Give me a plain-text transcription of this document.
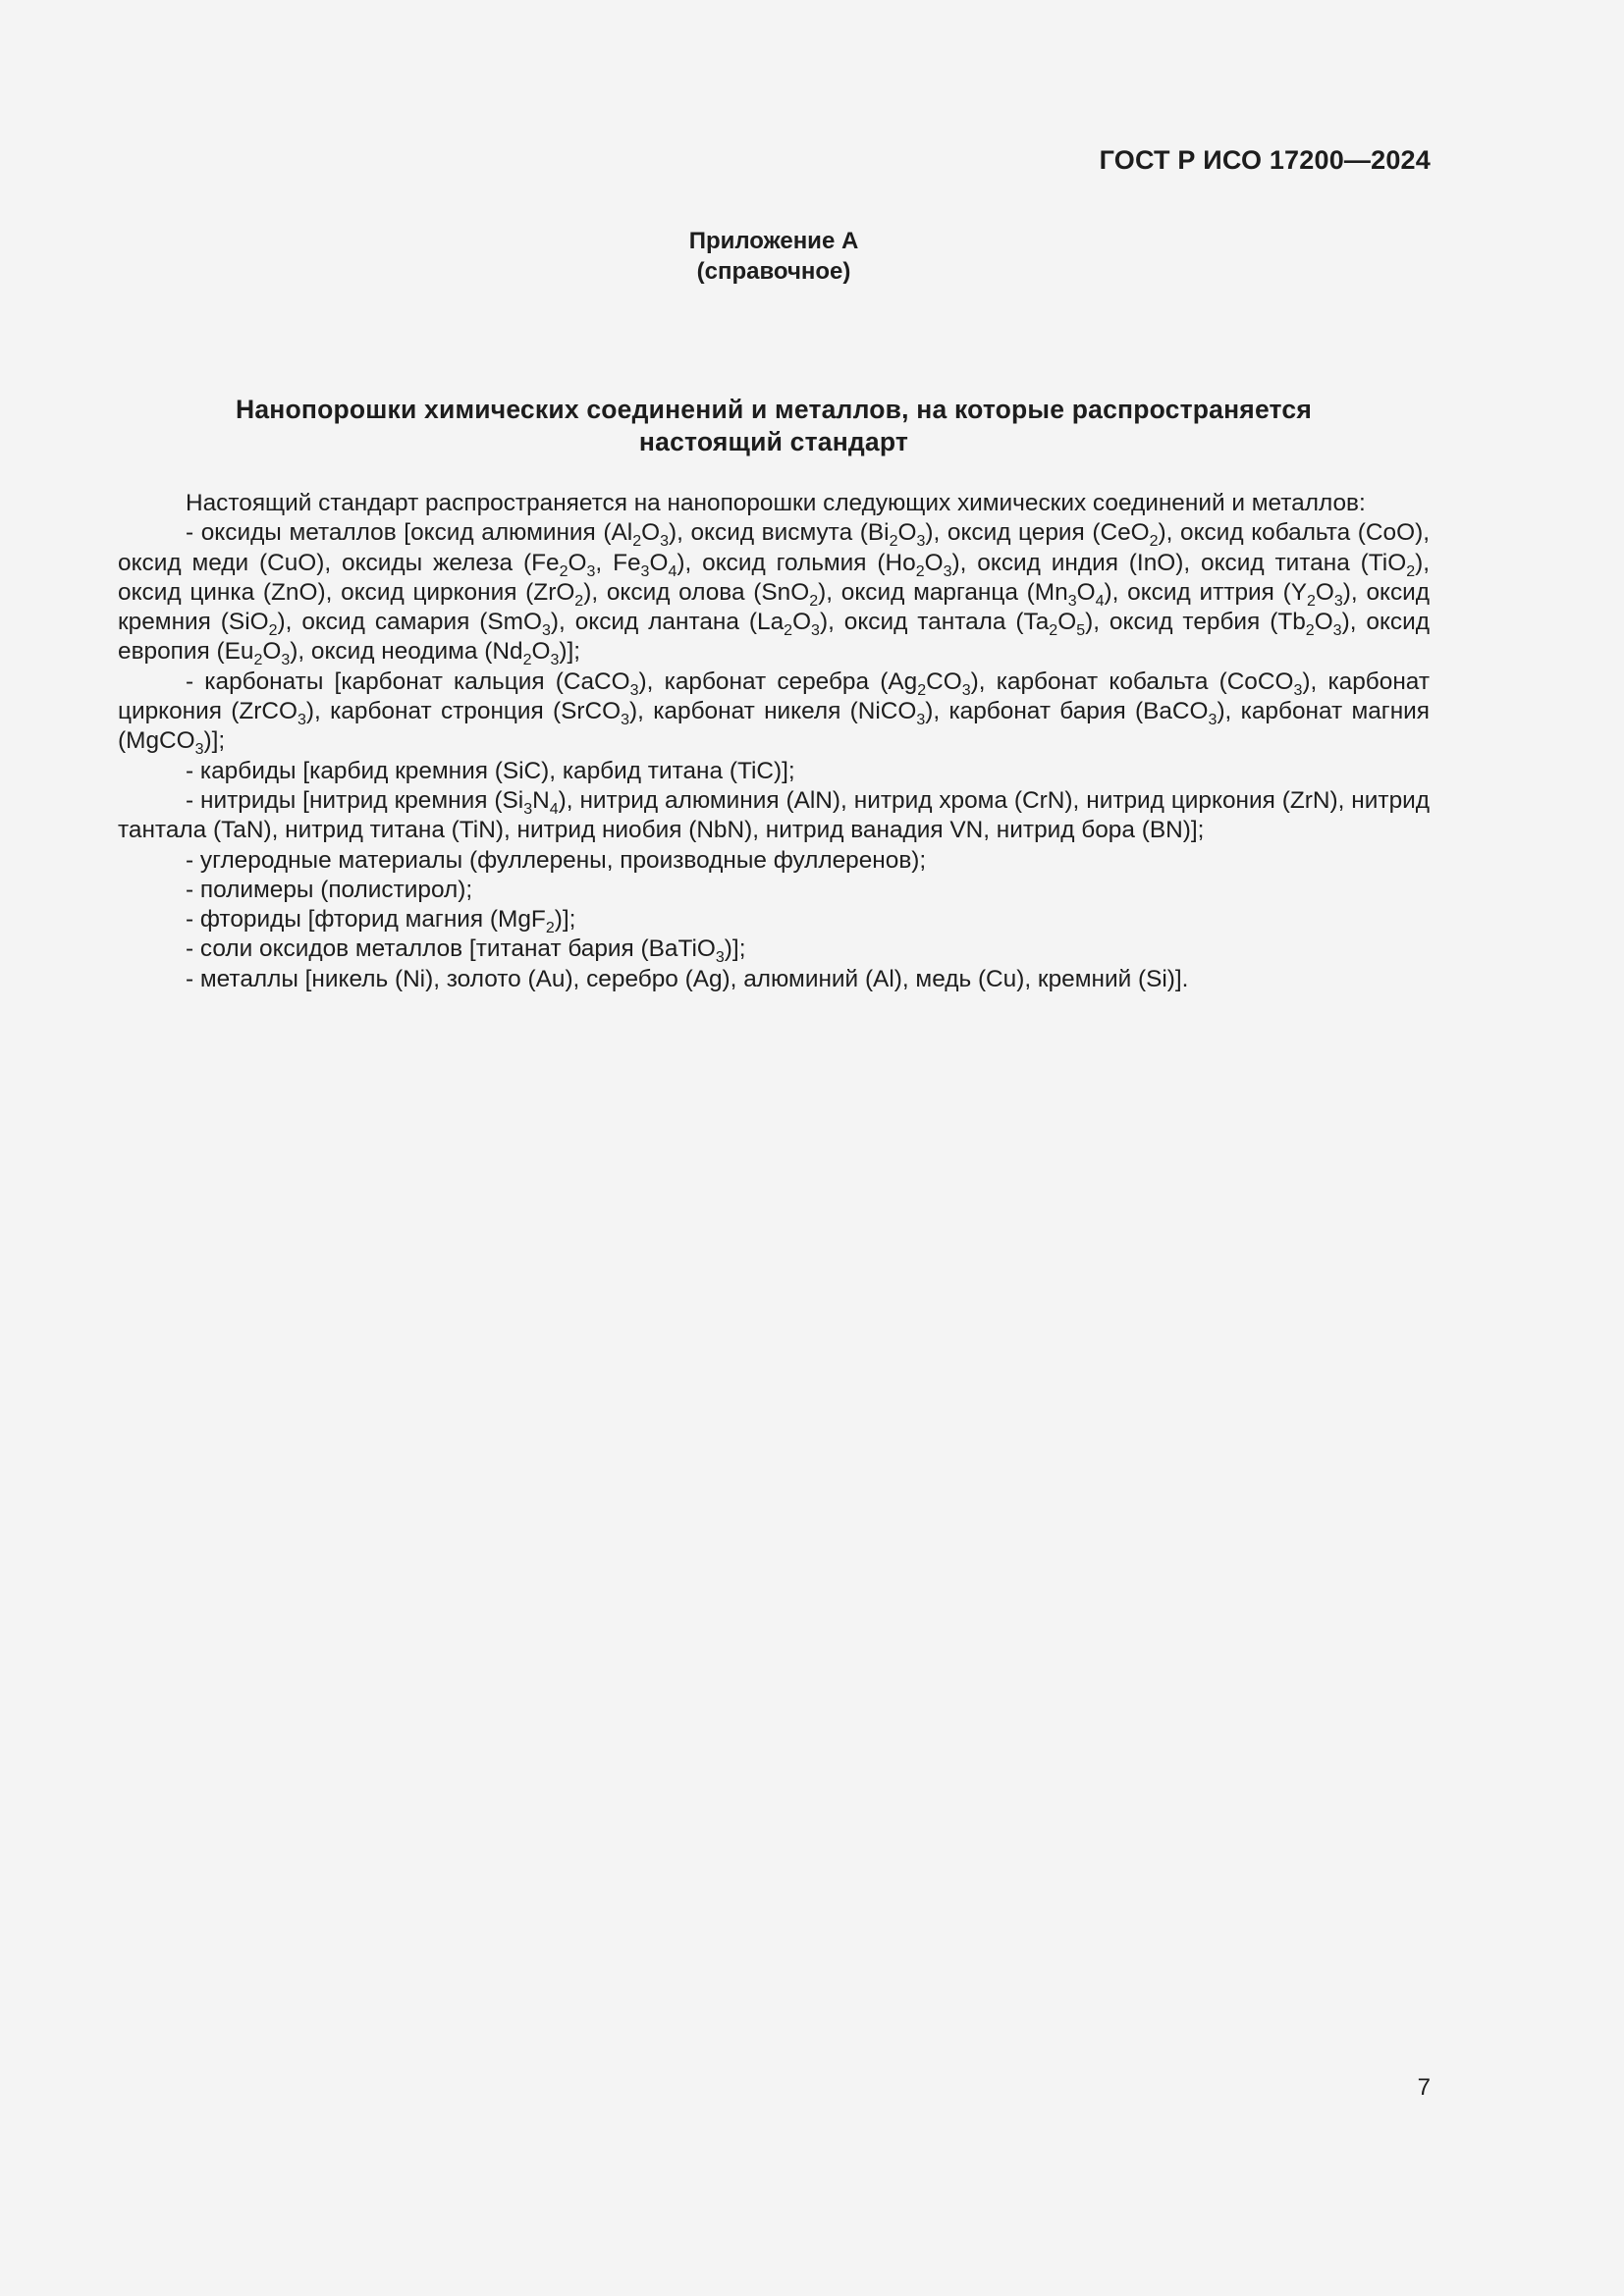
ГОСТ Р ИСО 17200—2024
Приложение А
(справочное)
Нанопорошки химических соединений и металлов, на которые распространяется
настоящий стандарт

Настоящий стандарт распространяется на нанопорошки следующих химических соединений и металлов:

- оксиды металлов [оксид алюминия $(Al_2O_3)$, оксид висмута $(Bi_2O_3)$, оксид церия (CeO$_2$), оксид кобальта (CoO), оксид меди (CuO), оксиды железа ($Fe_2O_3$, $Fe_3O_4$), оксид гольмия $(Ho_2O_3)$, оксид индия (InO), оксид титана (TiO$_2$), оксид цинка (ZnO), оксид циркония (ZrO$_2$), оксид олова (SnO$_2$), оксид марганца $(Mn_3O_4)$, оксид иттрия $(Y_2O_3)$, оксид кремния (SiO$_2$), оксид самария (SmO$_3$), оксид лантана $(La_2O_3)$, оксид тантала $(Ta_2O_5)$, оксид тербия $(Tb_2O_3)$, оксид европия $(Eu_2O_3)$, оксид неодима $(Nd_2O_3)$];

- карбонаты [карбонат кальция (CaCO$_3$), карбонат серебра $(Ag_2CO_3)$, карбонат кобальта (CoCO$_3$), карбонат циркония (ZrCO$_3$), карбонат стронция (SrCO$_3$), карбонат никеля (NiCO$_3$), карбонат бария (BaCO$_3$), карбонат магния (MgCO$_3$)];

- карбиды [карбид кремния (SiC), карбид титана (TiC)];

- нитриды [нитрид кремния $(Si_3N_4)$, нитрид алюминия (AlN), нитрид хрома (CrN), нитрид циркония (ZrN), нитрид тантала (TaN), нитрид титана (TiN), нитрид ниобия (NbN), нитрид ванадия VN, нитрид бора (BN)];

- углеродные материалы (фуллерены, производные фуллеренов);

- полимеры (полистирол);

- фториды [фторид магния (MgF$_2$)];

- соли оксидов металлов [титанат бария (BaTiO$_3$)];

- металлы [никель (Ni), золото (Au), серебро (Ag), алюминий (Al), медь (Cu), кремний (Si)].

7
